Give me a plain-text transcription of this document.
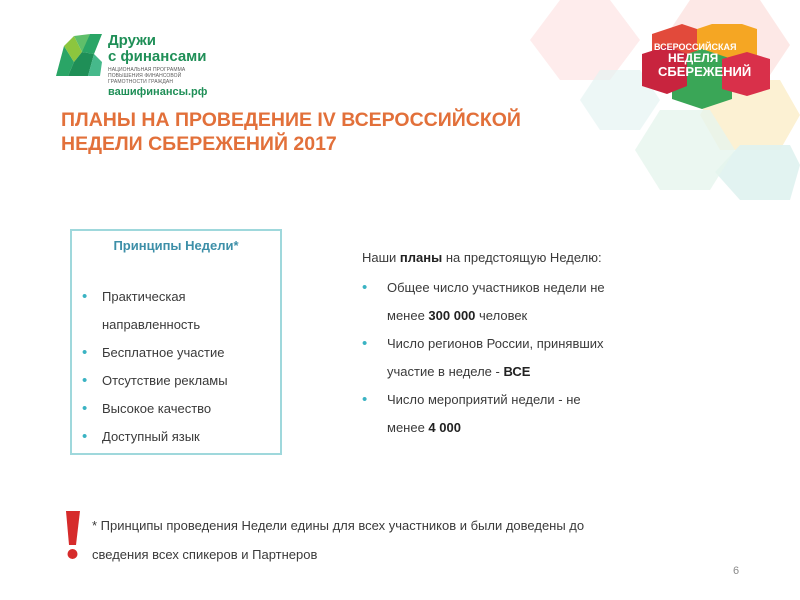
Дружи
с финансами
НАЦИОНАЛЬНАЯ ПРОГРАММА ПОВЫШЕНИЯ ФИНАНСОВОЙ ГРАМОТНОСТИ ГРАЖДАН
вашифинансы.рф
ВСЕРОССИЙСКАЯ
НЕДЕЛЯ
СБЕРЕЖЕНИЙ
ПЛАНЫ НА ПРОВЕДЕНИЕ IV ВСЕРОССИЙСКОЙ
НЕДЕЛИ СБЕРЕЖЕНИЙ 2017
Принципы Недели*
• Практическая
направленность
• Бесплатное участие
• Отсутствие рекламы
• Высокое качество
• Доступный язык
Наши планы на предстоящую Неделю:
• Общее число участников недели не
менее 300 000 человек
• Число регионов России, принявших
участие в неделе - ВСЕ
• Число мероприятий недели - не
менее 4 000
* Принципы проведения Недели едины для всех участников и были доведены до
сведения всех спикеров и Партнеров
6
